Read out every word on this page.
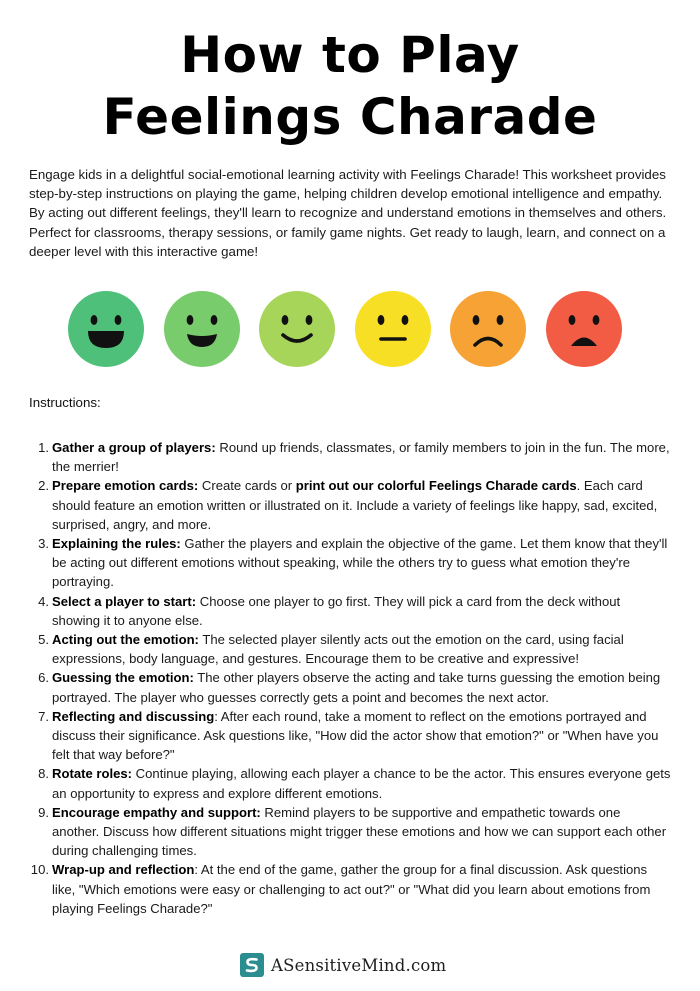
How to Play
Feelings Charade

Engage kids in a delightful social-emotional learning activity with Feelings Charade! This worksheet provides step-by-step instructions on playing the game, helping children develop emotional intelligence and empathy. By acting out different feelings, they'll learn to recognize and understand emotions in themselves and others. Perfect for classrooms, therapy sessions, or family game nights. Get ready to laugh, learn, and connect on a deeper level with this interactive game!

Instructions:

1. Gather a group of players: Round up friends, classmates, or family members to join in the fun. The more, the merrier!
2. Prepare emotion cards: Create cards or print out our colorful Feelings Charade cards. Each card should feature an emotion written or illustrated on it. Include a variety of feelings like happy, sad, excited, surprised, angry, and more.
3. Explaining the rules: Gather the players and explain the objective of the game. Let them know that they'll be acting out different emotions without speaking, while the others try to guess what emotion they're portraying.
4. Select a player to start: Choose one player to go first. They will pick a card from the deck without showing it to anyone else.
5. Acting out the emotion: The selected player silently acts out the emotion on the card, using facial expressions, body language, and gestures. Encourage them to be creative and expressive!
6. Guessing the emotion: The other players observe the acting and take turns guessing the emotion being portrayed. The player who guesses correctly gets a point and becomes the next actor.
7. Reflecting and discussing: After each round, take a moment to reflect on the emotions portrayed and discuss their significance. Ask questions like, "How did the actor show that emotion?" or "When have you felt that way before?"
8. Rotate roles: Continue playing, allowing each player a chance to be the actor. This ensures everyone gets an opportunity to express and explore different emotions.
9. Encourage empathy and support: Remind players to be supportive and empathetic towards one another. Discuss how different situations might trigger these emotions and how we can support each other during challenging times.
10. Wrap-up and reflection: At the end of the game, gather the group for a final discussion. Ask questions like, "Which emotions were easy or challenging to act out?" or "What did you learn about emotions from playing Feelings Charade?"
ASensitiveMind.com
